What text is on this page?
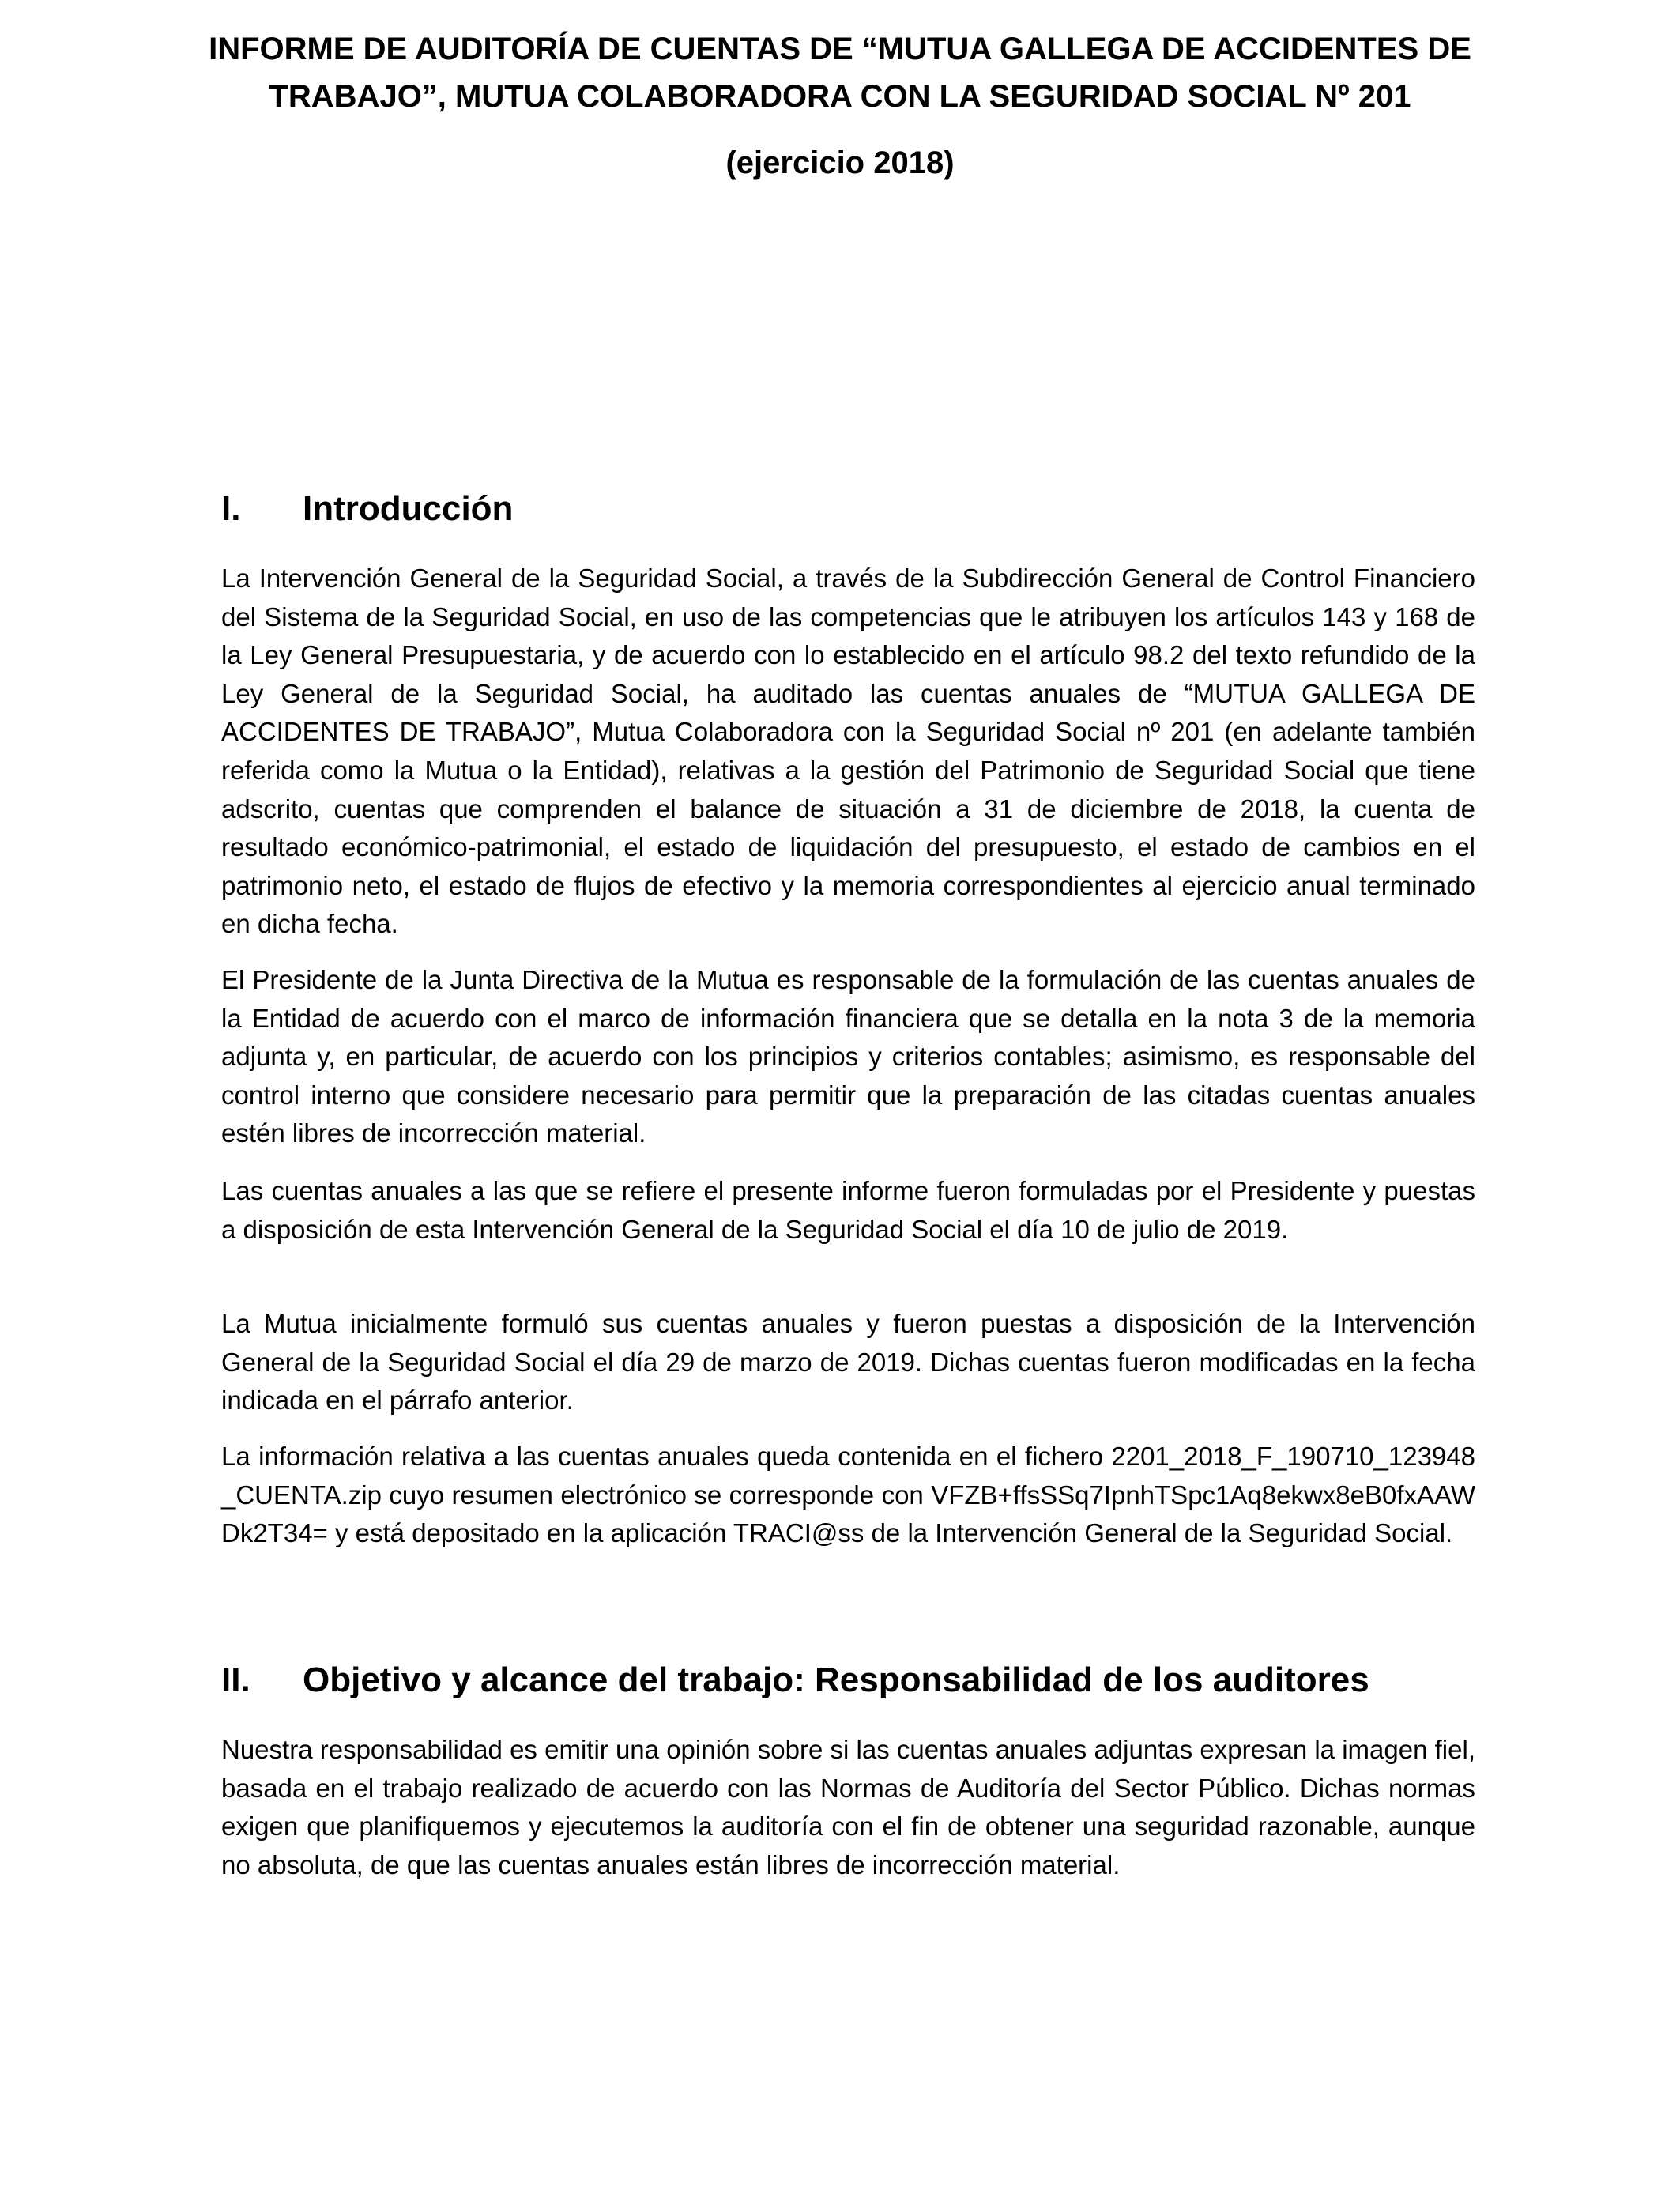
INFORME DE AUDITORÍA DE CUENTAS DE “MUTUA GALLEGA DE ACCIDENTES DE TRABAJO”, MUTUA COLABORADORA CON LA SEGURIDAD SOCIAL Nº 201
(ejercicio 2018)
I. Introducción

La Intervención General de la Seguridad Social, a través de la Subdirección General de Control Financiero del Sistema de la Seguridad Social, en uso de las competencias que le atribuyen los artículos 143 y 168 de la Ley General Presupuestaria, y de acuerdo con lo establecido en el artículo 98.2 del texto refundido de la Ley General de la Seguridad Social, ha auditado las cuentas anuales de “MUTUA GALLEGA DE ACCIDENTES DE TRABAJO”, Mutua Colaboradora con la Seguridad Social nº 201 (en adelante también referida como la Mutua o la Entidad), relativas a la gestión del Patrimonio de Seguridad Social que tiene adscrito, cuentas que comprenden el balance de situación a 31 de diciembre de 2018, la cuenta de resultado económico-patrimonial, el estado de liquidación del presupuesto, el estado de cambios en el patrimonio neto, el estado de flujos de efectivo y la memoria correspondientes al ejercicio anual terminado en dicha fecha.

El Presidente de la Junta Directiva de la Mutua es responsable de la formulación de las cuentas anuales de la Entidad de acuerdo con el marco de información financiera que se detalla en la nota 3 de la memoria adjunta y, en particular, de acuerdo con los principios y criterios contables; asimismo, es responsable del control interno que considere necesario para permitir que la preparación de las citadas cuentas anuales estén libres de incorrección material.

Las cuentas anuales a las que se refiere el presente informe fueron formuladas por el Presidente y puestas a disposición de esta Intervención General de la Seguridad Social el día 10 de julio de 2019.

La Mutua inicialmente formuló sus cuentas anuales y fueron puestas a disposición de la Intervención General de la Seguridad Social el día 29 de marzo de 2019. Dichas cuentas fueron modificadas en la fecha indicada en el párrafo anterior.

La información relativa a las cuentas anuales queda contenida en el fichero 2201_2018_F_190710_123948_CUENTA.zip cuyo resumen electrónico se corresponde con VFZB+ffsSSq7IpnhTSpc1Aq8ekwx8eB0fxAAWDk2T34= y está depositado en la aplicación TRACI@ss de la Intervención General de la Seguridad Social.

II. Objetivo y alcance del trabajo: Responsabilidad de los auditores

Nuestra responsabilidad es emitir una opinión sobre si las cuentas anuales adjuntas expresan la imagen fiel, basada en el trabajo realizado de acuerdo con las Normas de Auditoría del Sector Público. Dichas normas exigen que planifiquemos y ejecutemos la auditoría con el fin de obtener una seguridad razonable, aunque no absoluta, de que las cuentas anuales están libres de incorrección material.
